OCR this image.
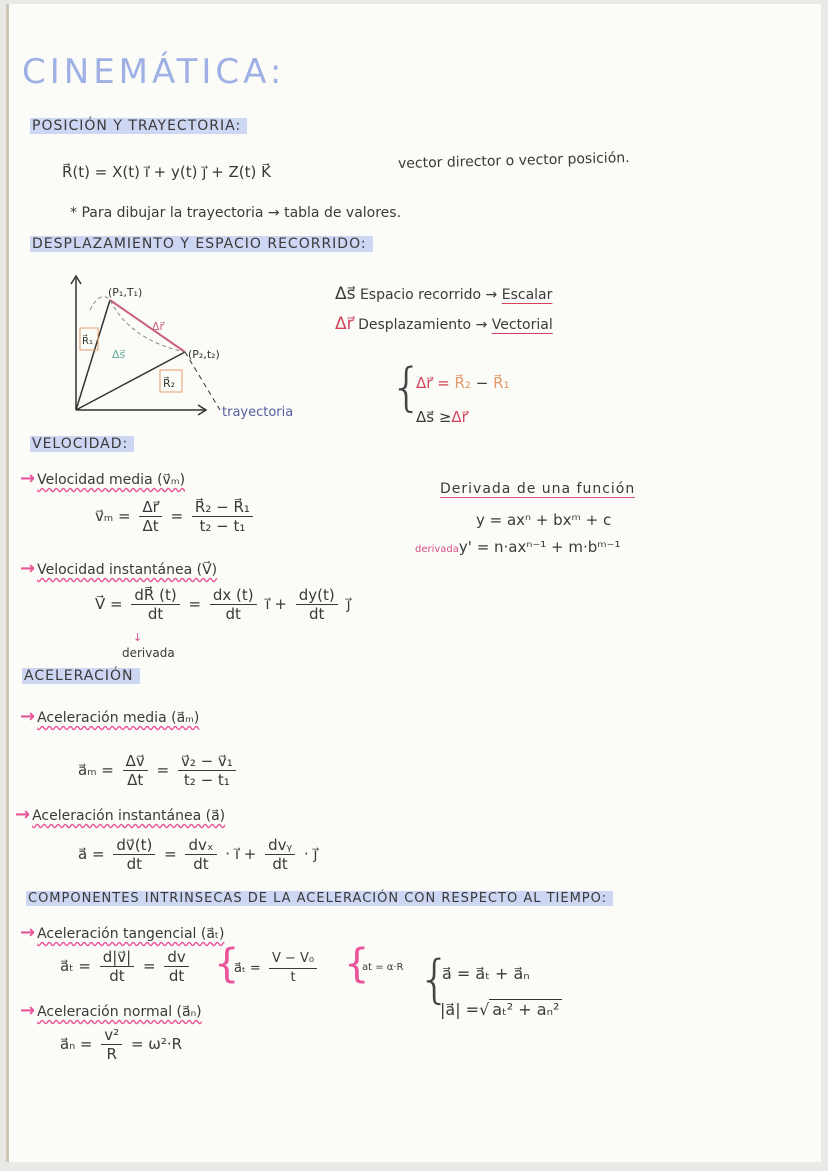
CINEMÁTICA:
POSICIÓN Y TRAYECTORIA:
R⃗(t) = X(t) i⃗ + y(t) j⃗ + Z(t) K⃗	vector director o vector posición.
* Para dibujar la trayectoria → tabla de valores.
DESPLAZAMIENTO Y ESPACIO RECORRIDO:
R⃗₁
R⃗₂
(P₁,T₁)
(P₂,t₂)
Δr⃗
Δs⃗
trayectoria
Δs⃗ Espacio recorrido → Escalar
Δr⃗ Desplazamiento → Vectorial
{
Δr⃗ = R⃗₂ − R⃗₁
Δs⃗ ≥Δr⃗
VELOCIDAD:
→ Velocidad media (v⃗ₘ)
v⃗ₘ = $\frac{\Delta r⃗}{\Delta t} = \frac{\text{R⃗₂ − R⃗₁}}{\text{t₂ − t₁}}$
Derivada de una función
y = axⁿ + bxᵐ + c
derivaday' = n·axⁿ⁻¹ + m·bᵐ⁻¹
→ Velocidad instantánea (V⃗)
V⃗ = $\frac{dR⃗ (t)}{dt} = \frac{dx (t)}{dt}$ i⃗ + $\frac{dy(t)}{dt}$ j⃗
↓
derivada
ACELERACIÓN
→ Aceleración media (a⃗ₘ)
a⃗ₘ = $\frac{\Delta v⃗}{\Delta t} = \frac{\text{v⃗₂ − v⃗₁}}{\text{t₂ − t₁}}$
→ Aceleración instantánea (a⃗)
a⃗ = $\frac{dv⃗(t)}{dt} = \frac{\text{dvₓ}}{dt}$ · i⃗ + $\frac{\text{dvᵧ}}{dt}$ · j⃗
COMPONENTES INTRINSECAS DE LA ACELERACIÓN CON RESPECTO AL TIEMPO:
→ Aceleración tangencial (a⃗ₜ)
a⃗ₜ = $\frac{d|v⃗|}{dt} = \frac{dv}{dt}$ {
a⃗ₜ = $\frac{\text{V − V₀}}{t}$ {
at = α·R {
a⃗ = a⃗ₜ + a⃗ₙ
|a⃗| =√ aₜ² + aₙ²
→ Aceleración normal (a⃗ₙ)
a⃗ₙ = $\frac{\text{v²}}{R} = \omega^2\cdot R$
